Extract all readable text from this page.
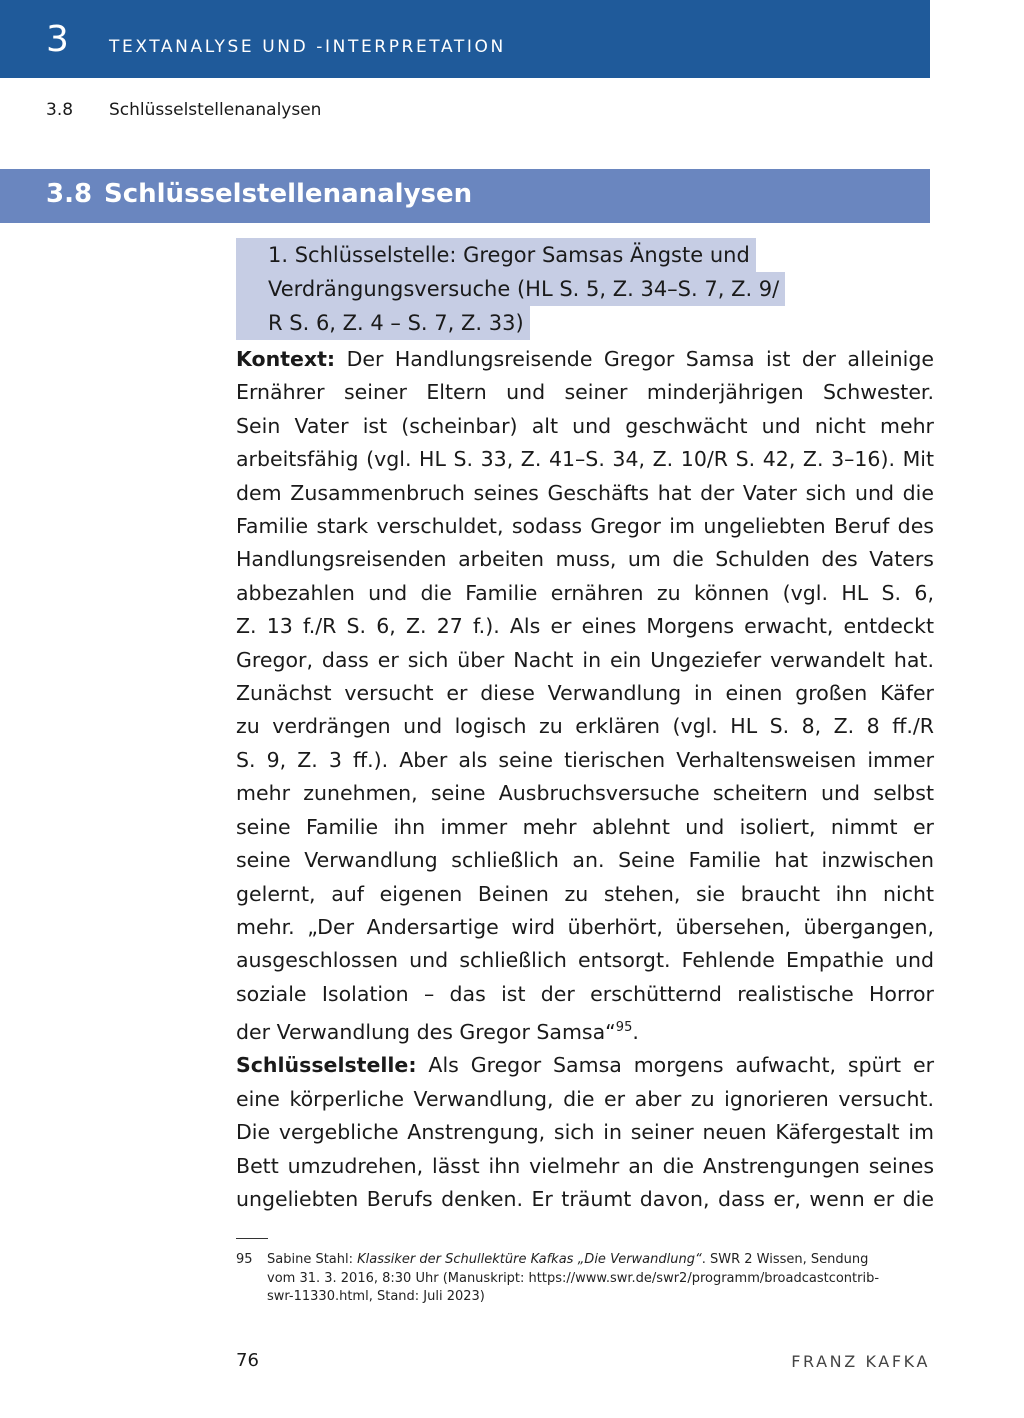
3 TEXTANALYSE UND -INTERPRETATION
3.8 Schlüsselstellenanalysen
3.8 Schlüsselstellenanalysen
1. Schlüsselstelle: Gregor Samsas Ängste und
Verdrängungsversuche (HL S. 5, Z. 34–S. 7, Z. 9/
R S. 6, Z. 4 – S. 7, Z. 33)
Kontext: Der Handlungsreisende Gregor Samsa ist der alleinige
Ernährer seiner Eltern und seiner minderjährigen Schwester.
Sein Vater ist (scheinbar) alt und geschwächt und nicht mehr
arbeitsfähig (vgl. HL S. 33, Z. 41–S. 34, Z. 10/R S. 42, Z. 3–16). Mit
dem Zusammenbruch seines Geschäfts hat der Vater sich und die
Familie stark verschuldet, sodass Gregor im ungeliebten Beruf des
Handlungsreisenden arbeiten muss, um die Schulden des Vaters
abbezahlen und die Familie ernähren zu können (vgl. HL S. 6,
Z. 13 f./R S. 6, Z. 27 f.). Als er eines Morgens erwacht, entdeckt
Gregor, dass er sich über Nacht in ein Ungeziefer verwandelt hat.
Zunächst versucht er diese Verwandlung in einen großen Käfer
zu verdrängen und logisch zu erklären (vgl. HL S. 8, Z. 8 ff./R
S. 9, Z. 3 ff.). Aber als seine tierischen Verhaltensweisen immer
mehr zunehmen, seine Ausbruchsversuche scheitern und selbst
seine Familie ihn immer mehr ablehnt und isoliert, nimmt er
seine Verwandlung schließlich an. Seine Familie hat inzwischen
gelernt, auf eigenen Beinen zu stehen, sie braucht ihn nicht
mehr. „Der Andersartige wird überhört, übersehen, übergangen,
ausgeschlossen und schließlich entsorgt. Fehlende Empathie und
soziale Isolation – das ist der erschütternd realistische Horror
der Verwandlung des Gregor Samsa“$^{95}$.
Schlüsselstelle: Als Gregor Samsa morgens aufwacht, spürt er
eine körperliche Verwandlung, die er aber zu ignorieren versucht.
Die vergebliche Anstrengung, sich in seiner neuen Käfergestalt im
Bett umzudrehen, lässt ihn vielmehr an die Anstrengungen seines
ungeliebten Berufs denken. Er träumt davon, dass er, wenn er die
95 Sabine Stahl: Klassiker der Schullektüre Kafkas „Die Verwandlung“. SWR 2 Wissen, Sendung
vom 31. 3. 2016, 8:30 Uhr (Manuskript: https://www.swr.de/swr2/programm/broadcastcontrib-
swr-11330.html, Stand: Juli 2023)
76	FRANZ KAFKA
